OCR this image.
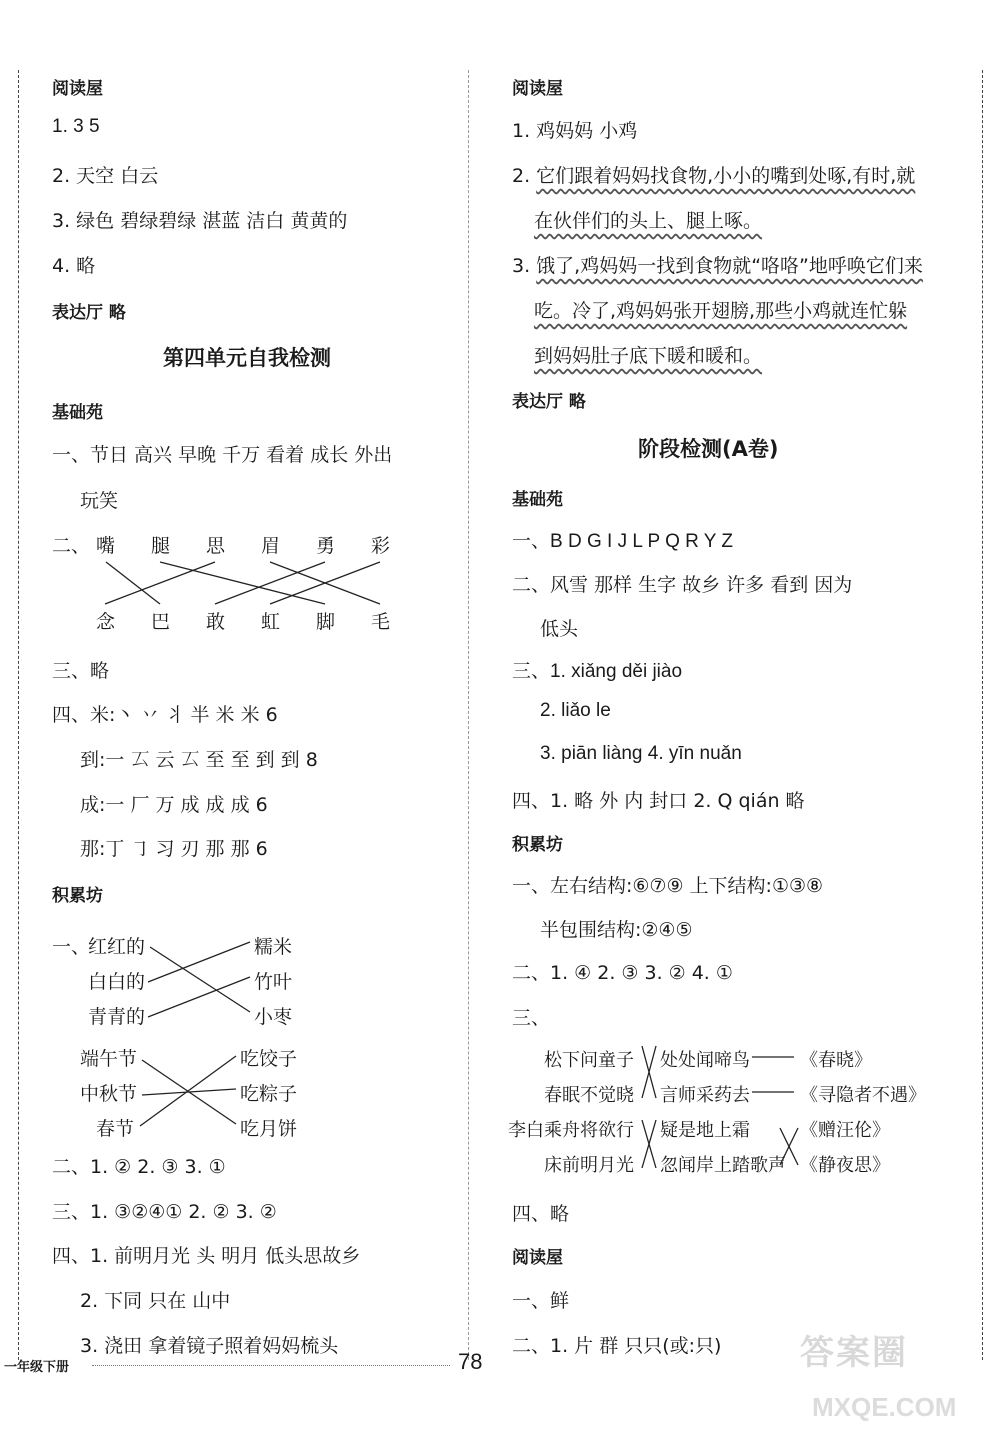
阅读屋
1. 3 5
2. 天空 白云
3. 绿色 碧绿碧绿 湛蓝 洁白 黄黄的
4. 略
表达厅 略
第四单元自我检测
基础苑
一、节日 高兴 早晚 千万 看着 成长 外出
玩笑
二、 嘴 腿 思 眉 勇 彩
念 巴 敢 虹 脚 毛
三、略
四、米:丶 丷 丬 半 米 米 6
到:一 𠫔 云 𠫔 至 至 到 到 8
成:一 厂 万 成 成 成 6
那:丁 ㇆ 习 刃 那 那 6
积累坊
一、
红红的
白白的
青青的
糯米
竹叶
小枣
端午节
中秋节
春节
吃饺子
吃粽子
吃月饼
二、1. ② 2. ③ 3. ①
三、1. ③②④① 2. ② 3. ②
四、1. 前明月光 头 明月 低头思故乡
2. 下同 只在 山中
3. 浇田 拿着镜子照着妈妈梳头
阅读屋
1. 鸡妈妈 小鸡
2. 它们跟着妈妈找食物,小小的嘴到处啄,有时,就
在伙伴们的头上、腿上啄。
3. 饿了,鸡妈妈一找到食物就“咯咯”地呼唤它们来
吃。冷了,鸡妈妈张开翅膀,那些小鸡就连忙躲
到妈妈肚子底下暖和暖和。
表达厅 略
阶段检测(A卷)
基础苑
一、B D G I J L P Q R Y Z
二、风雪 那样 生字 故乡 许多 看到 因为
低头
三、1. xiǎng děi jiào
2. liǎo le
3. piān liàng 4. yīn nuǎn
四、1. 略 外 内 封口 2. Q qián 略
积累坊
一、左右结构:⑥⑦⑨ 上下结构:①③⑧
半包围结构:②④⑤
二、1. ④ 2. ③ 3. ② 4. ①
三、
松下问童子
春眠不觉晓
李白乘舟将欲行
床前明月光
处处闻啼鸟
言师采药去
疑是地上霜
忽闻岸上踏歌声
《春晓》
《寻隐者不遇》
《赠汪伦》
《静夜思》
四、略
阅读屋
一、鲜
二、1. 片 群 只只(或:只)
一年级下册	78	答案圈
MXQE.COM
